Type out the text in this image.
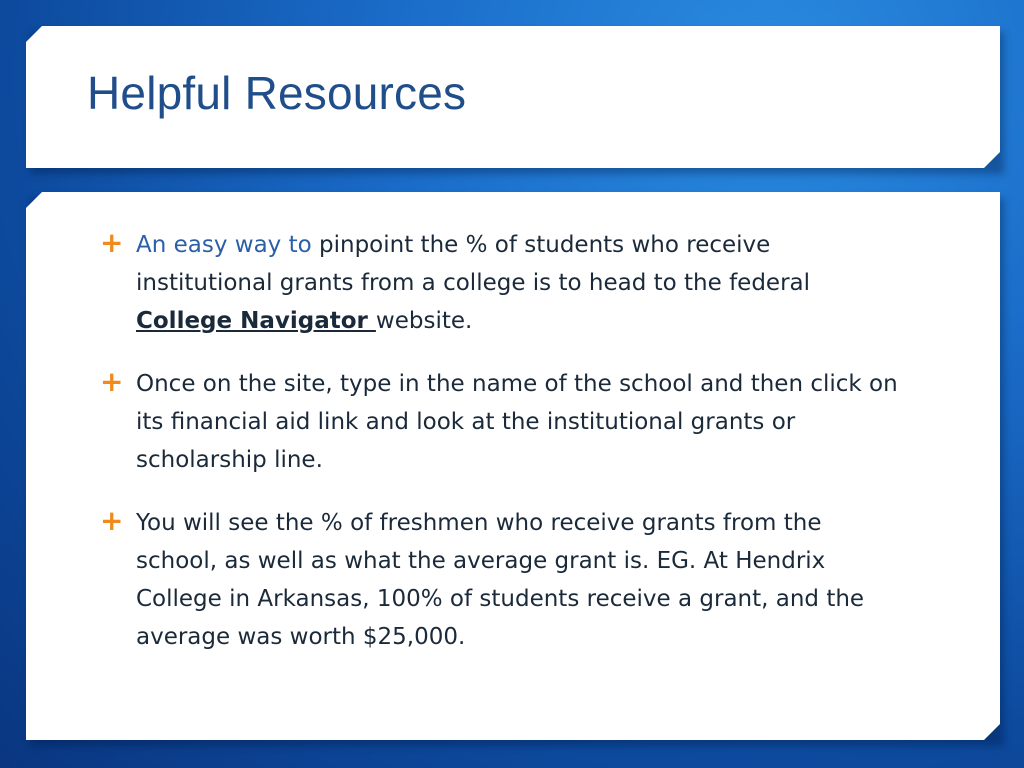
Helpful Resources
+ An easy way to pinpoint the % of students who receive institutional grants from a college is to head to the federal College Navigator website.
+ Once on the site, type in the name of the school and then click on its financial aid link and look at the institutional grants or scholarship line.
+ You will see the % of freshmen who receive grants from the school, as well as what the average grant is. EG. At Hendrix College in Arkansas, 100% of students receive a grant, and the average was worth $25,000.
